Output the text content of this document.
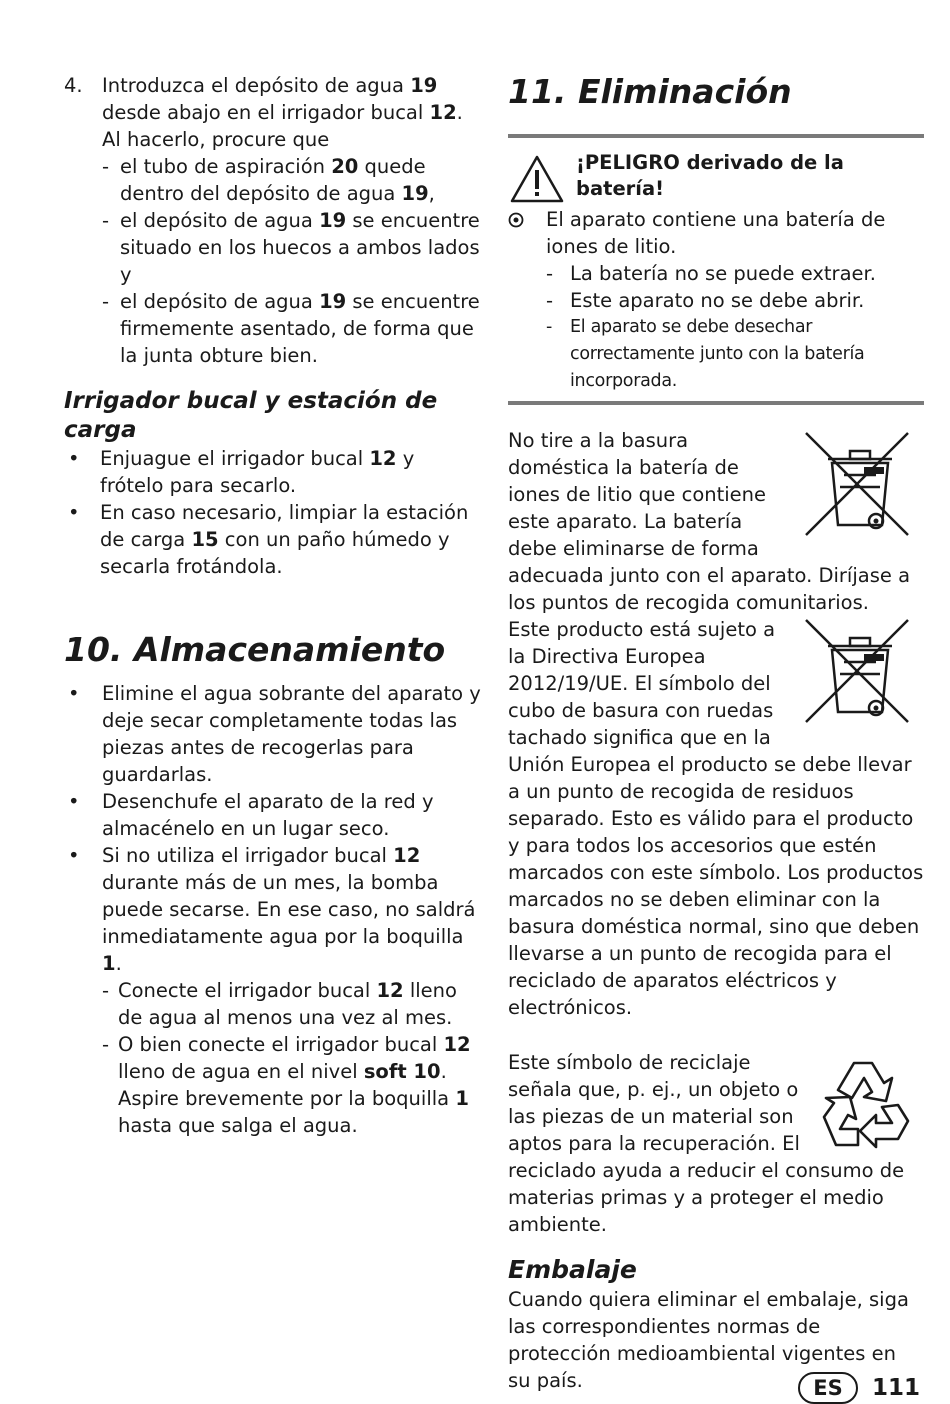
4. Introduzca el depósito de agua 19 desde abajo en el irrigador bucal 12. Al hacerlo, procure que
- el tubo de aspiración 20 quede dentro del depósito de agua 19,
- el depósito de agua 19 se encuentre situado en los huecos a ambos lados y
- el depósito de agua 19 se encuentre firmemente asentado, de forma que la junta obture bien.
Irrigador bucal y estación de carga
• Enjuague el irrigador bucal 12 y frótelo para secarlo.
• En caso necesario, limpiar la estación de carga 15 con un paño húmedo y secarla frotándola.
10. Almacenamiento
• Elimine el agua sobrante del aparato y deje secar completamente todas las piezas antes de recogerlas para guardarlas.
• Desenchufe el aparato de la red y almacénelo en un lugar seco.
• Si no utiliza el irrigador bucal 12 durante más de un mes, la bomba puede secarse. En ese caso, no saldrá inmediatamente agua por la boquilla 1.
- Conecte el irrigador bucal 12 lleno de agua al menos una vez al mes.
- O bien conecte el irrigador bucal 12 lleno de agua en el nivel soft 10. Aspire brevemente por la boquilla 1 hasta que salga el agua.
11. Eliminación
¡PELIGRO derivado de la batería!
El aparato contiene una batería de iones de litio.
- La batería no se puede extraer.
- Este aparato no se debe abrir.
- El aparato se debe desechar correctamente junto con la batería incorporada.
No tire a la basura doméstica la batería de iones de litio que contiene este aparato. La batería debe eliminarse de forma adecuada junto con el aparato. Diríjase a los puntos de recogida comunitarios.
Este producto está sujeto a la Directiva Europea 2012/19/UE. El símbolo del cubo de basura con ruedas tachado significa que en la Unión Europea el producto se debe llevar a un punto de recogida de residuos separado. Esto es válido para el producto y para todos los accesorios que estén marcados con este símbolo. Los productos marcados no se deben eliminar con la basura doméstica normal, sino que deben llevarse a un punto de recogida para el reciclado de aparatos eléctricos y electrónicos.
Este símbolo de reciclaje señala que, p. ej., un objeto o las piezas de un material son aptos para la recuperación. El reciclado ayuda a reducir el consumo de materias primas y a proteger el medio ambiente.
Embalaje
Cuando quiera eliminar el embalaje, siga las correspondientes normas de protección medioambiental vigentes en su país.	ES	111
